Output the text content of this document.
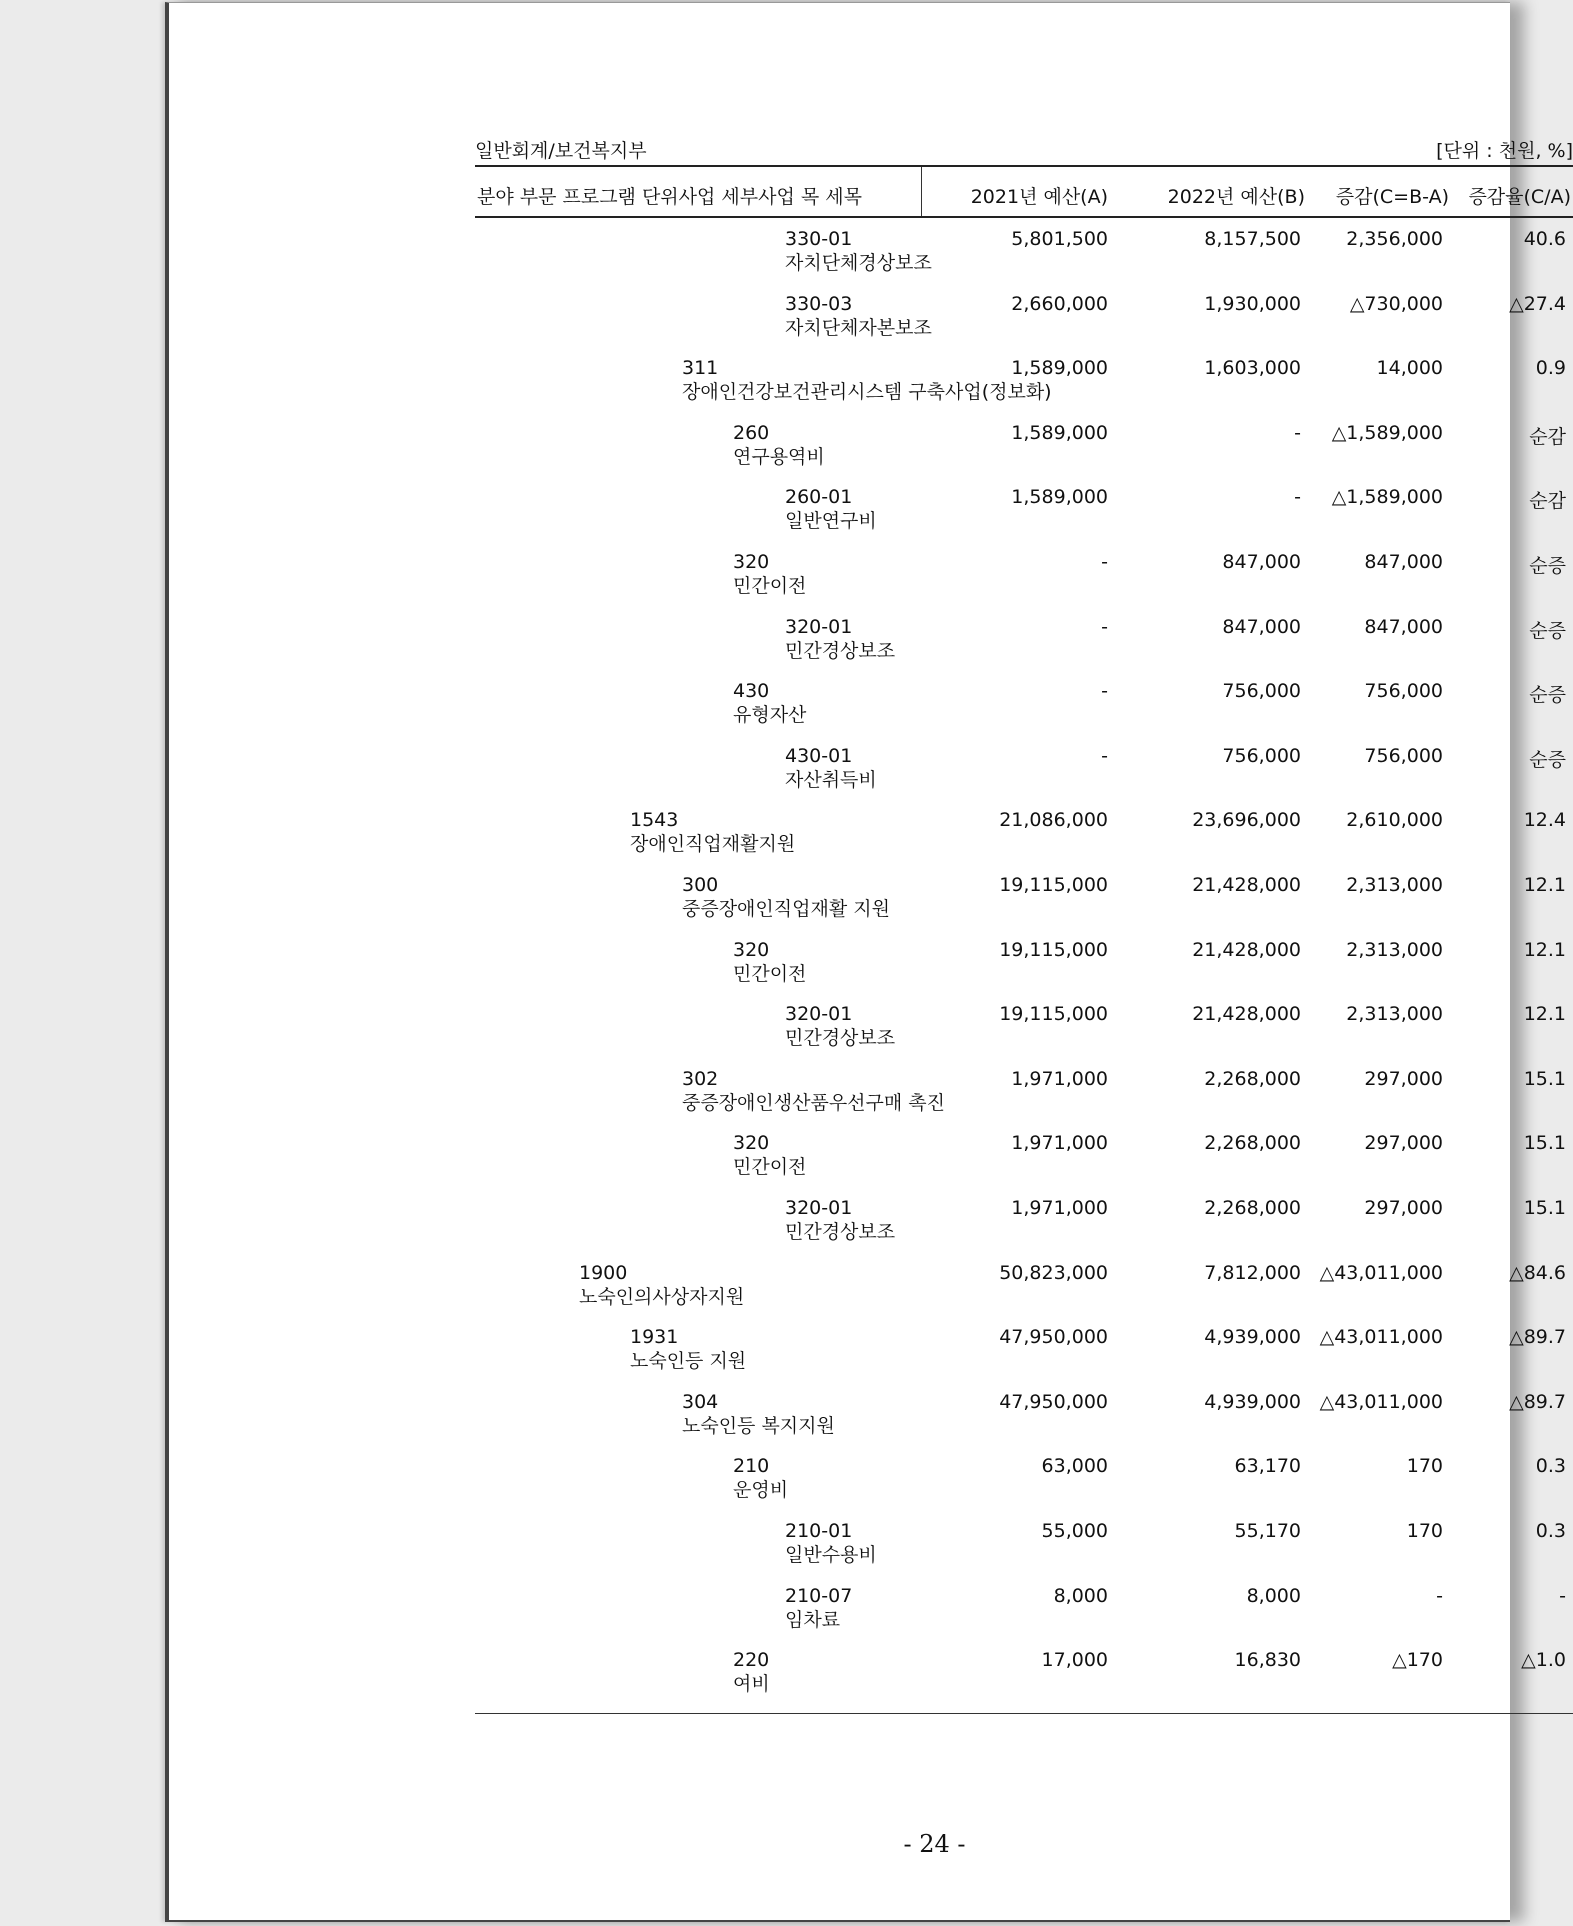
일반회계/보건복지부	[단위 : 천원, %]
분야 부문 프로그램 단위사업 세부사업 목 세목	2021년 예산(A)	2022년 예산(B) 증감(C=B-A) 증감율(C/A)
330-01
자치단체경상보조
5,801,500	8,157,500 2,356,000	40.6
330-03
자치단체자본보조
2,660,000	1,930,000	△730,000	△27.4
311
장애인건강보건관리시스템 구축사업(정보화)
1,589,000	1,603,000	14,000	0.9
260
연구용역비
1,589,000	- △1,589,000	순감
260-01
일반연구비
1,589,000	- △1,589,000	순감
320
민간이전
-	847,000	847,000	순증
320-01
민간경상보조
-	847,000	847,000	순증
430
유형자산
-	756,000	756,000	순증
430-01
자산취득비
-	756,000	756,000	순증
1543
장애인직업재활지원
21,086,000	23,696,000 2,610,000	12.4
300
중증장애인직업재활 지원
19,115,000	21,428,000 2,313,000	12.1
320
민간이전
19,115,000	21,428,000 2,313,000	12.1
320-01
민간경상보조
19,115,000	21,428,000 2,313,000	12.1
302
중증장애인생산품우선구매 촉진
1,971,000	2,268,000	297,000	15.1
320
민간이전
1,971,000	2,268,000	297,000	15.1
320-01
민간경상보조
1,971,000	2,268,000	297,000	15.1
1900
노숙인의사상자지원
50,823,000	7,812,000 △43,011,000	△84.6
1931
노숙인등 지원
47,950,000	4,939,000 △43,011,000	△89.7
304
노숙인등 복지지원
47,950,000	4,939,000 △43,011,000	△89.7
210
운영비
63,000	63,170	170	0.3
210-01
일반수용비
55,000	55,170	170	0.3
210-07
임차료
8,000	8,000	-	-
220
여비
17,000	16,830	△170	△1.0
- 24 -
